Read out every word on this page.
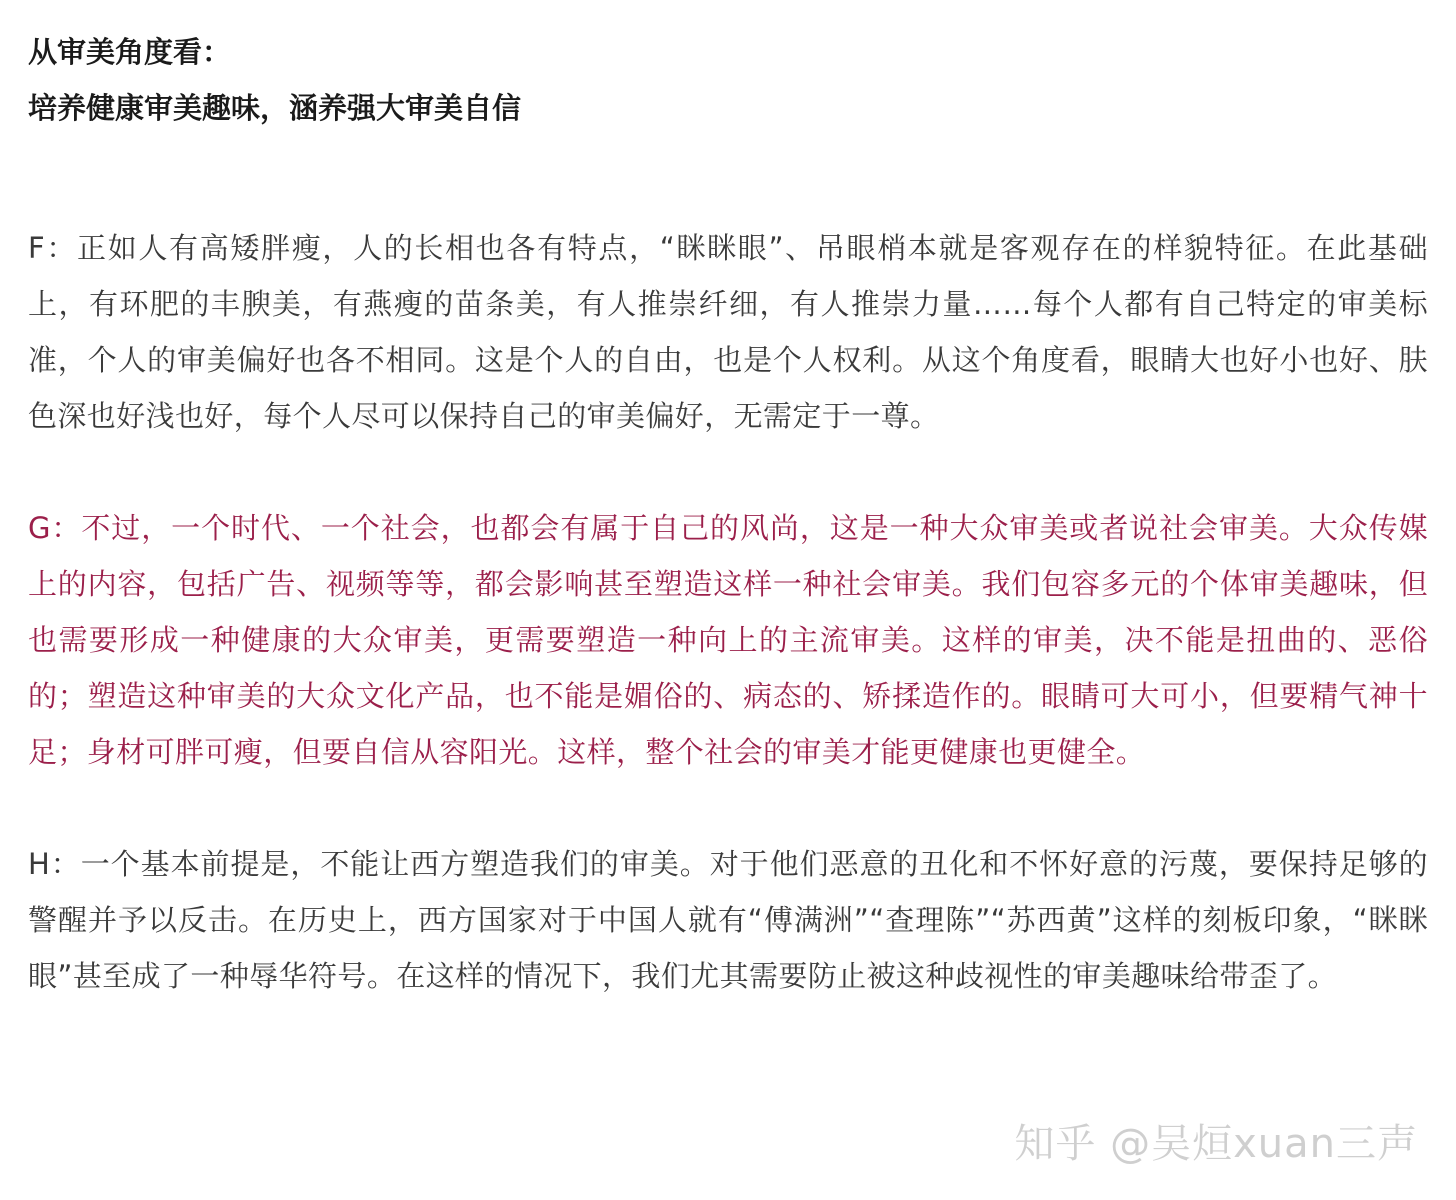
从审美角度看：

培养健康审美趣味，涵养强大审美自信

F：正如人有高矮胖瘦，人的长相也各有特点，“眯眯眼”、吊眼梢本就是客观存在的样貌特征。在此基础上，有环肥的丰腴美，有燕瘦的苗条美，有人推崇纤细，有人推崇力量……每个人都有自己特定的审美标准，个人的审美偏好也各不相同。这是个人的自由，也是个人权利。从这个角度看，眼睛大也好小也好、肤色深也好浅也好，每个人尽可以保持自己的审美偏好，无需定于一尊。

G：不过，一个时代、一个社会，也都会有属于自己的风尚，这是一种大众审美或者说社会审美。大众传媒上的内容，包括广告、视频等等，都会影响甚至塑造这样一种社会审美。我们包容多元的个体审美趣味，但也需要形成一种健康的大众审美，更需要塑造一种向上的主流审美。这样的审美，决不能是扭曲的、恶俗的；塑造这种审美的大众文化产品，也不能是媚俗的、病态的、矫揉造作的。眼睛可大可小，但要精气神十足；身材可胖可瘦，但要自信从容阳光。这样，整个社会的审美才能更健康也更健全。

H：一个基本前提是，不能让西方塑造我们的审美。对于他们恶意的丑化和不怀好意的污蔑，要保持足够的警醒并予以反击。在历史上，西方国家对于中国人就有“傅满洲”“查理陈”“苏西黄”这样的刻板印象，“眯眯眼”甚至成了一种辱华符号。在这样的情况下，我们尤其需要防止被这种歧视性的审美趣味给带歪了。

知乎 @吴烜xuan三声
